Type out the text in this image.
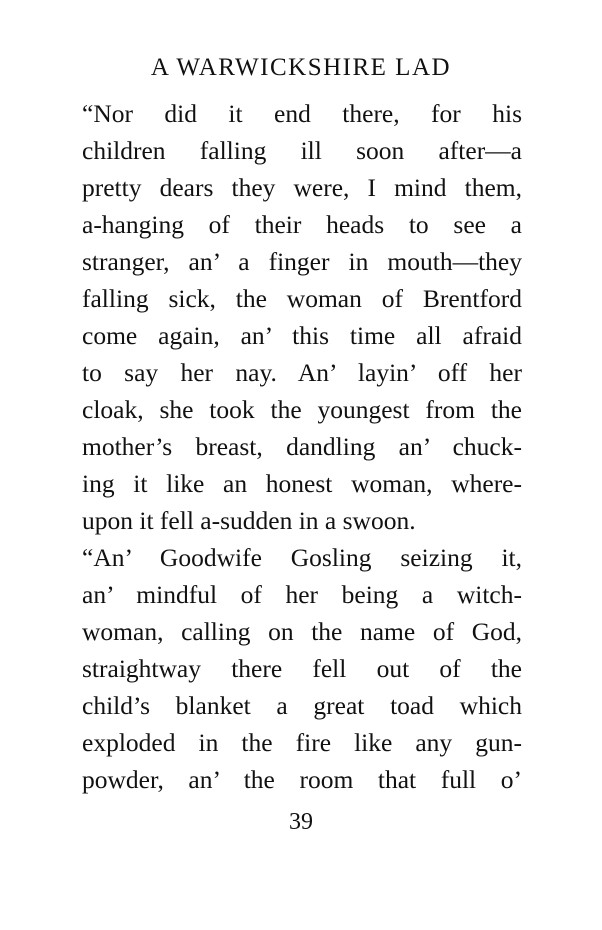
A WARWICKSHIRE LAD
“Nor did it end there, for his
children falling ill soon after—a
pretty dears they were, I mind them,
a-hanging of their heads to see a
stranger, an’ a finger in mouth—they
falling sick, the woman of Brentford
come again, an’ this time all afraid
to say her nay. An’ layin’ off her
cloak, she took the youngest from the
mother’s breast, dandling an’ chuck-
ing it like an honest woman, where-
upon it fell a-sudden in a swoon.
“An’ Goodwife Gosling seizing it,
an’ mindful of her being a witch-
woman, calling on the name of God,
straightway there fell out of the
child’s blanket a great toad which
exploded in the fire like any gun-
powder, an’ the room that full o’
39
